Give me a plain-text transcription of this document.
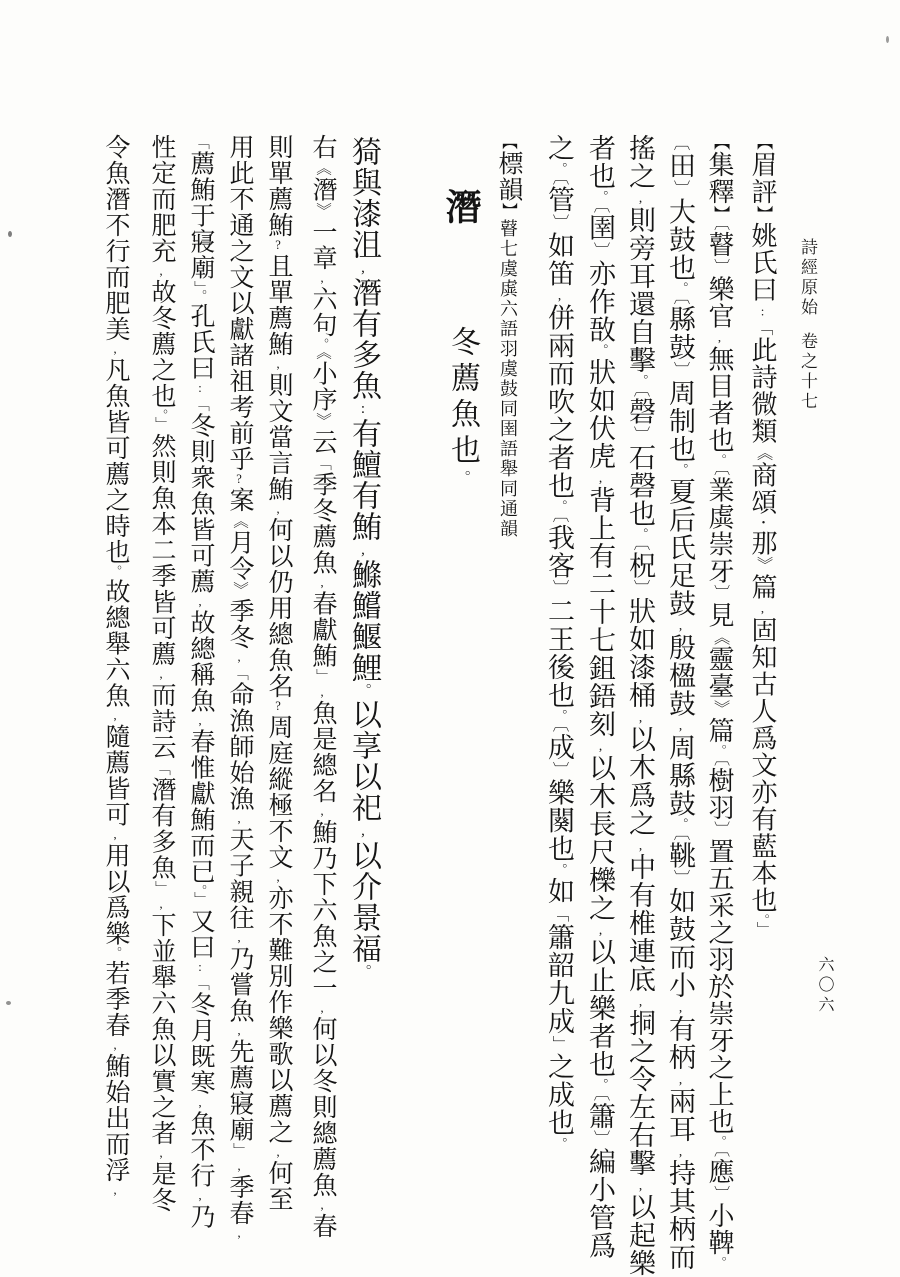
詩經原始
卷之十七
六〇六
【眉評】姚氏曰:「此詩微類《商頌・那》篇,固知古人爲文亦有藍本也。」
【集釋】〔瞽〕樂官,無目者也。〔業虡崇牙〕見《靈臺》篇。〔樹羽〕置五采之羽於崇牙之上也。〔應〕小鞞。
〔田〕大鼓也。〔縣鼓〕周制也。夏后氏足鼓,殷楹鼓,周縣鼓。〔鞉〕如鼓而小,有柄,兩耳,持其柄而
搖之,則旁耳還自擊。〔磬〕石磬也。〔柷〕狀如漆桶,以木爲之,中有椎連底,挏之令左右擊,以起樂
者也。〔圉〕亦作敔。狀如伏虎,背上有二十七鉏鋙刻,以木長尺櫟之,以止樂者也。〔簫〕編小管爲
之。〔管〕如笛,併兩而吹之者也。〔我客〕二王後也。〔成〕樂闋也。如「簫韶九成」之成也。
【標韻】瞽七虞虡六語羽虞鼓同圉語舉同通韻
潛
冬薦魚也。
猗與漆沮,潛有多魚:有鱣有鮪,鰷鱨鰋鯉。以享以祀,以介景福。
右《潛》一章,六句。《小序》云「季冬薦魚,春獻鮪」,魚是總名,鮪乃下六魚之一,何以冬則總薦魚,春
則單薦鮪?且單薦鮪,則文當言鮪,何以仍用總魚名?周庭縱極不文,亦不難別作樂歌以薦之,何至
用此不通之文以獻諸祖考前乎?案《月令》季冬,「命漁師始漁,天子親往,乃嘗魚,先薦寢廟」,季春,
「薦鮪于寢廟」。孔氏曰:「冬則衆魚皆可薦,故總稱魚,春惟獻鮪而已。」又曰:「冬月既寒,魚不行,乃
性定而肥充,故冬薦之也。」然則魚本二季皆可薦,而詩云「潛有多魚」,下並舉六魚以實之者,是冬
令魚潛不行而肥美,凡魚皆可薦之時也。故總舉六魚,隨薦皆可,用以爲樂。若季春,鮪始出而浮,
